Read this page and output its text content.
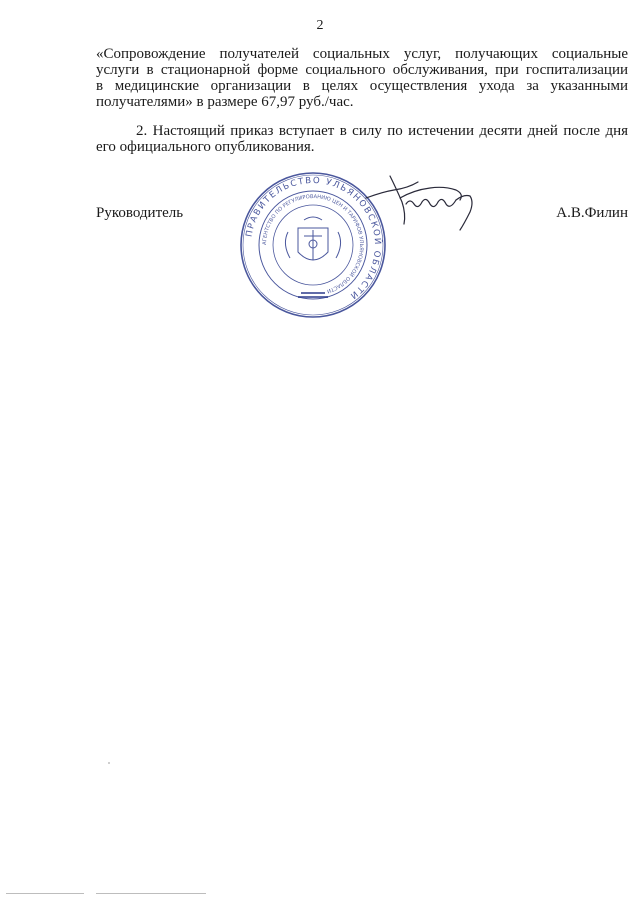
2
«Сопровождение получателей социальных услуг, получающих социальные
услуги в стационарной форме социального обслуживания, при госпитализации
в медицинские организации в целях осуществления ухода за указанными
получателями» в размере 67,97 руб./час.
2. Настоящий приказ вступает в силу по истечении десяти дней после дня
его официального опубликования.
Руководитель	А.В.Филин
ПРАВИТЕЛЬСТВО УЛЬЯНОВСКОЙ ОБЛАСТИ
АГЕНТСТВО ПО РЕГУЛИРОВАНИЮ ЦЕН И ТАРИФОВ УЛЬЯНОВСКОЙ ОБЛАСТИ
